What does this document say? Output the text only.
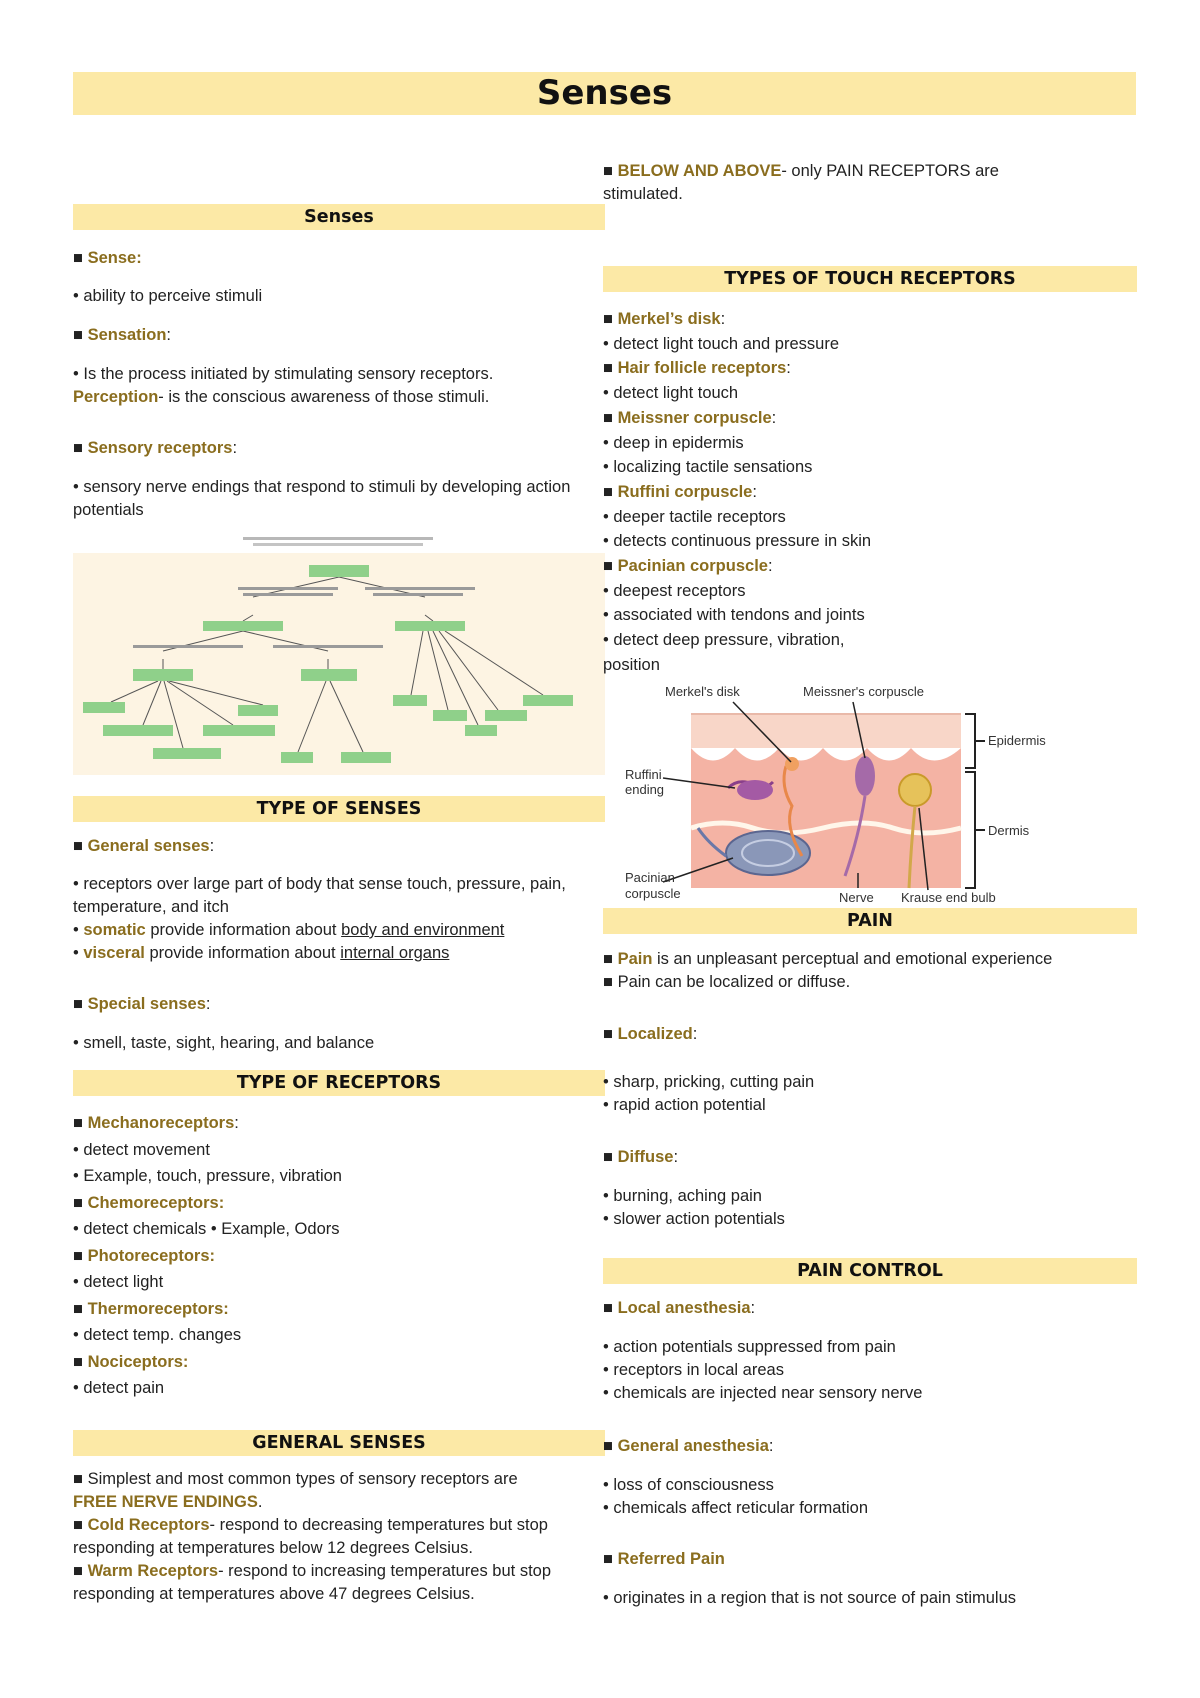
Senses
Senses

■ Sense:

• ability to perceive stimuli

■ Sensation:

• Is the process initiated by stimulating sensory receptors.

Perception- is the conscious awareness of those stimuli.

■ Sensory receptors:

• sensory nerve endings that respond to stimuli by developing action potentials
TYPE OF SENSES

■ General senses:

• receptors over large part of body that sense touch, pressure, pain, temperature, and itch

• somatic provide information about body and environment

• visceral provide information about internal organs

■ Special senses:

• smell, taste, sight, hearing, and balance
TYPE OF RECEPTORS

■ Mechanoreceptors:

• detect movement

• Example, touch, pressure, vibration

■ Chemoreceptors:

• detect chemicals • Example, Odors

■ Photoreceptors:

• detect light

■ Thermoreceptors:

• detect temp. changes

■ Nociceptors:

• detect pain

GENERAL SENSES

■ Simplest and most common types of sensory receptors are

FREE NERVE ENDINGS.

■ Cold Receptors- respond to decreasing temperatures but stop responding at temperatures below 12 degrees Celsius.

■ Warm Receptors- respond to increasing temperatures but stop responding at temperatures above 47 degrees Celsius.

■ BELOW AND ABOVE- only PAIN RECEPTORS are stimulated.

TYPES OF TOUCH RECEPTORS

■ Merkel’s disk:

• detect light touch and pressure

■ Hair follicle receptors:

• detect light touch

■ Meissner corpuscle:

• deep in epidermis

• localizing tactile sensations

■ Ruffini corpuscle:

• deeper tactile receptors

• detects continuous pressure in skin

■ Pacinian corpuscle:

• deepest receptors

• associated with tendons and joints

• detect deep pressure, vibration, position

Merkel's disk	Meissner's corpuscle
Ruffini
ending
Pacinian
corpuscle	Nerve Krause end bulb
Epidermis
Dermis
PAIN

■ Pain is an unpleasant perceptual and emotional experience

■ Pain can be localized or diffuse.

■ Localized:

• sharp, pricking, cutting pain

• rapid action potential

■ Diffuse:

• burning, aching pain

• slower action potentials

PAIN CONTROL

■ Local anesthesia:

• action potentials suppressed from pain

• receptors in local areas

• chemicals are injected near sensory nerve

■ General anesthesia:

• loss of consciousness

• chemicals affect reticular formation

■ Referred Pain

• originates in a region that is not source of pain stimulus
